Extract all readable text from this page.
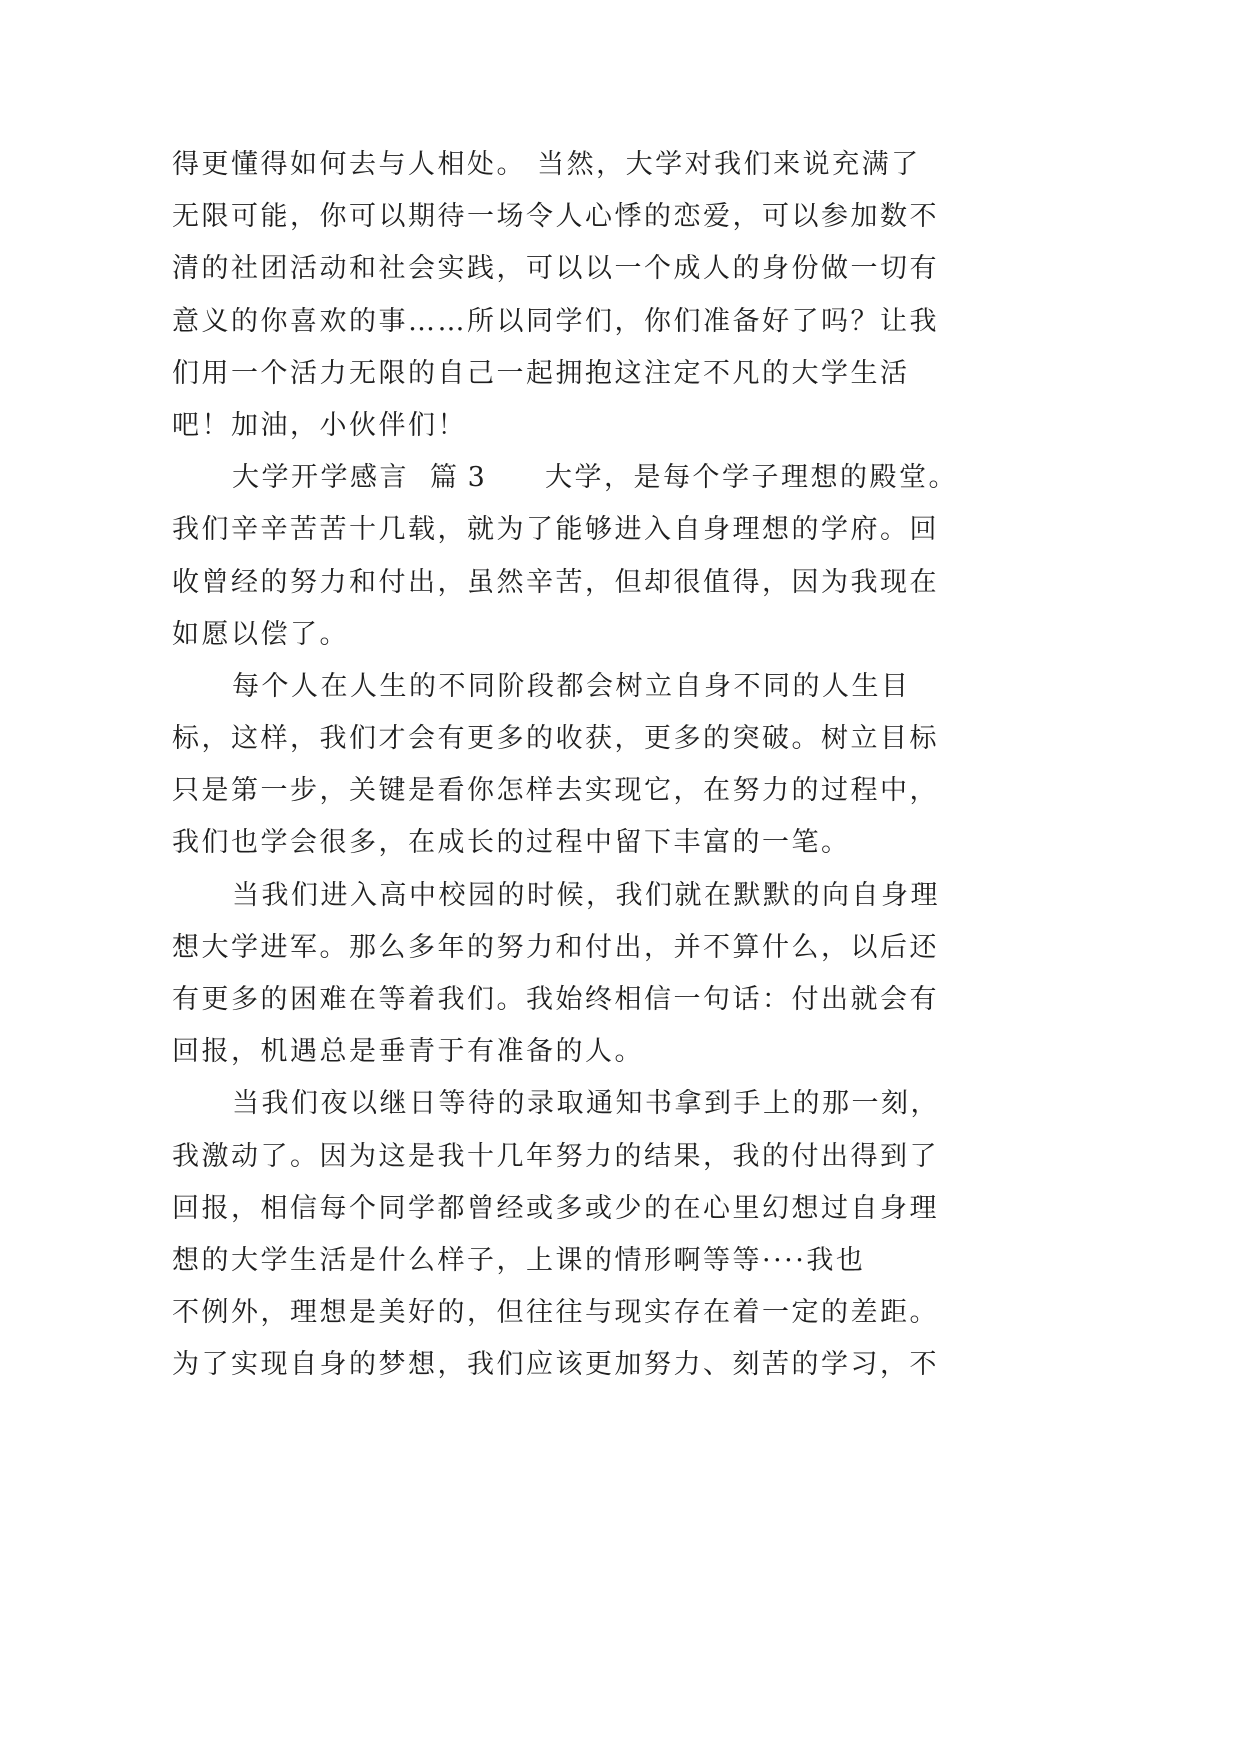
得更懂得如何去与人相处。 当然，大学对我们来说充满了
无限可能，你可以期待一场令人心悸的恋爱，可以参加数不
清的社团活动和社会实践，可以以一个成人的身份做一切有
意义的你喜欢的事……所以同学们，你们准备好了吗？让我
们用一个活力无限的自己一起拥抱这注定不凡的大学生活
吧！加油，小伙伴们！
大学开学感言 篇 3 大学，是每个学子理想的殿堂。
我们辛辛苦苦十几载，就为了能够进入自身理想的学府。回
收曾经的努力和付出，虽然辛苦，但却很值得，因为我现在
如愿以偿了。
每个人在人生的不同阶段都会树立自身不同的人生目
标，这样，我们才会有更多的收获，更多的突破。树立目标
只是第一步，关键是看你怎样去实现它，在努力的过程中，
我们也学会很多，在成长的过程中留下丰富的一笔。
当我们进入高中校园的时候，我们就在默默的向自身理
想大学进军。那么多年的努力和付出，并不算什么，以后还
有更多的困难在等着我们。我始终相信一句话：付出就会有
回报，机遇总是垂青于有准备的人。
当我们夜以继日等待的录取通知书拿到手上的那一刻，
我激动了。因为这是我十几年努力的结果，我的付出得到了
回报，相信每个同学都曾经或多或少的在心里幻想过自身理
想的大学生活是什么样子，上课的情形啊等等····我也
不例外，理想是美好的，但往往与现实存在着一定的差距。
为了实现自身的梦想，我们应该更加努力、刻苦的学习，不
